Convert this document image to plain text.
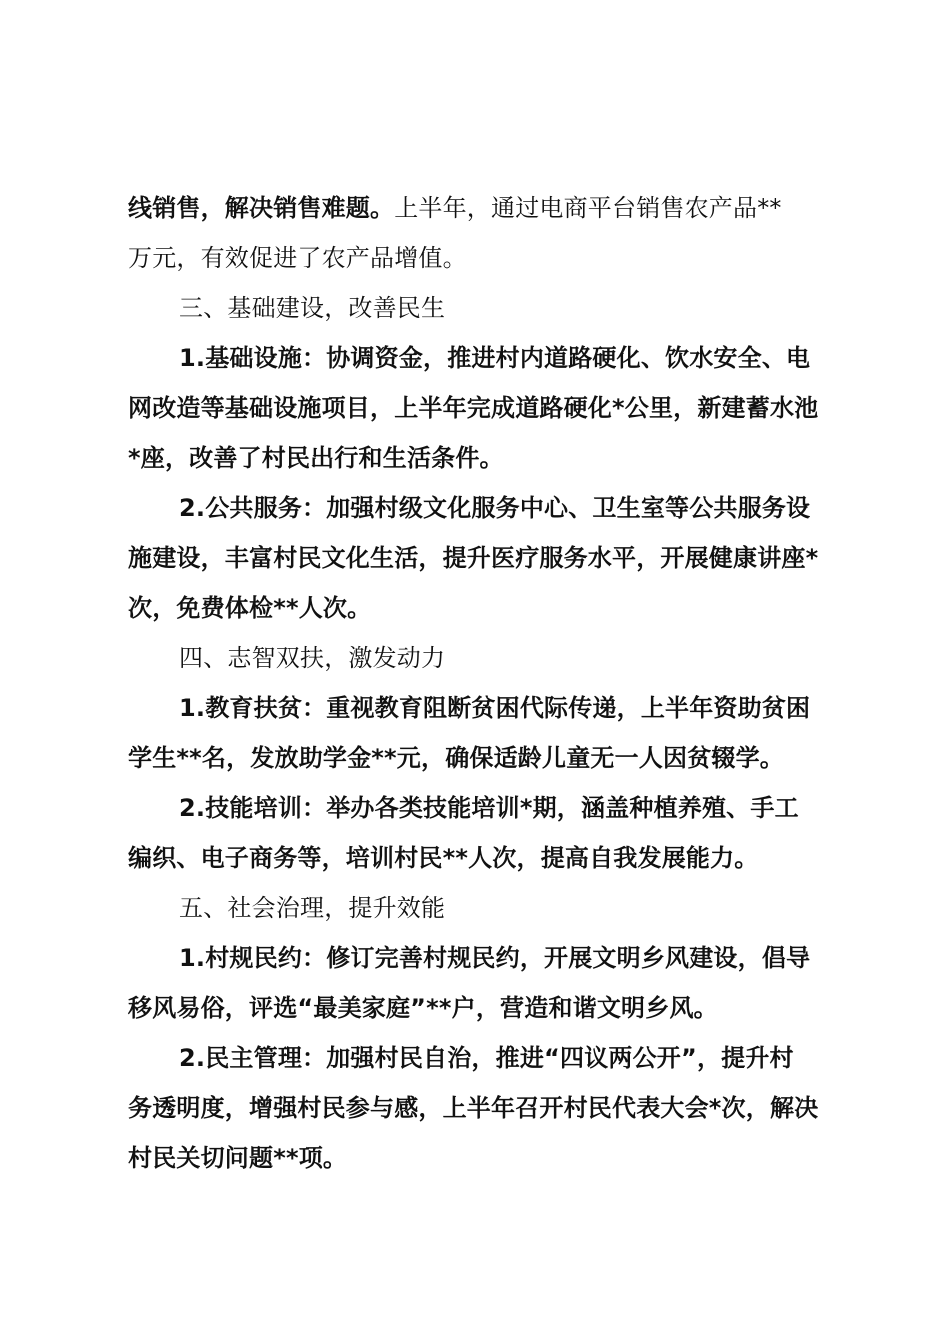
线销售，解决销售难题。上半年，通过电商平台销售农产品**
万元，有效促进了农产品增值。
三、基础建设，改善民生
1.基础设施：协调资金，推进村内道路硬化、饮水安全、电
网改造等基础设施项目，上半年完成道路硬化*公里，新建蓄水池
*座，改善了村民出行和生活条件。
2.公共服务：加强村级文化服务中心、卫生室等公共服务设
施建设，丰富村民文化生活，提升医疗服务水平，开展健康讲座*
次，免费体检**人次。
四、志智双扶，激发动力
1.教育扶贫：重视教育阻断贫困代际传递，上半年资助贫困
学生**名，发放助学金**元，确保适龄儿童无一人因贫辍学。
2.技能培训：举办各类技能培训*期，涵盖种植养殖、手工
编织、电子商务等，培训村民**人次，提高自我发展能力。
五、社会治理，提升效能
1.村规民约：修订完善村规民约，开展文明乡风建设，倡导
移风易俗，评选“最美家庭”**户，营造和谐文明乡风。
2.民主管理：加强村民自治，推进“四议两公开”，提升村
务透明度，增强村民参与感，上半年召开村民代表大会*次，解决
村民关切问题**项。
